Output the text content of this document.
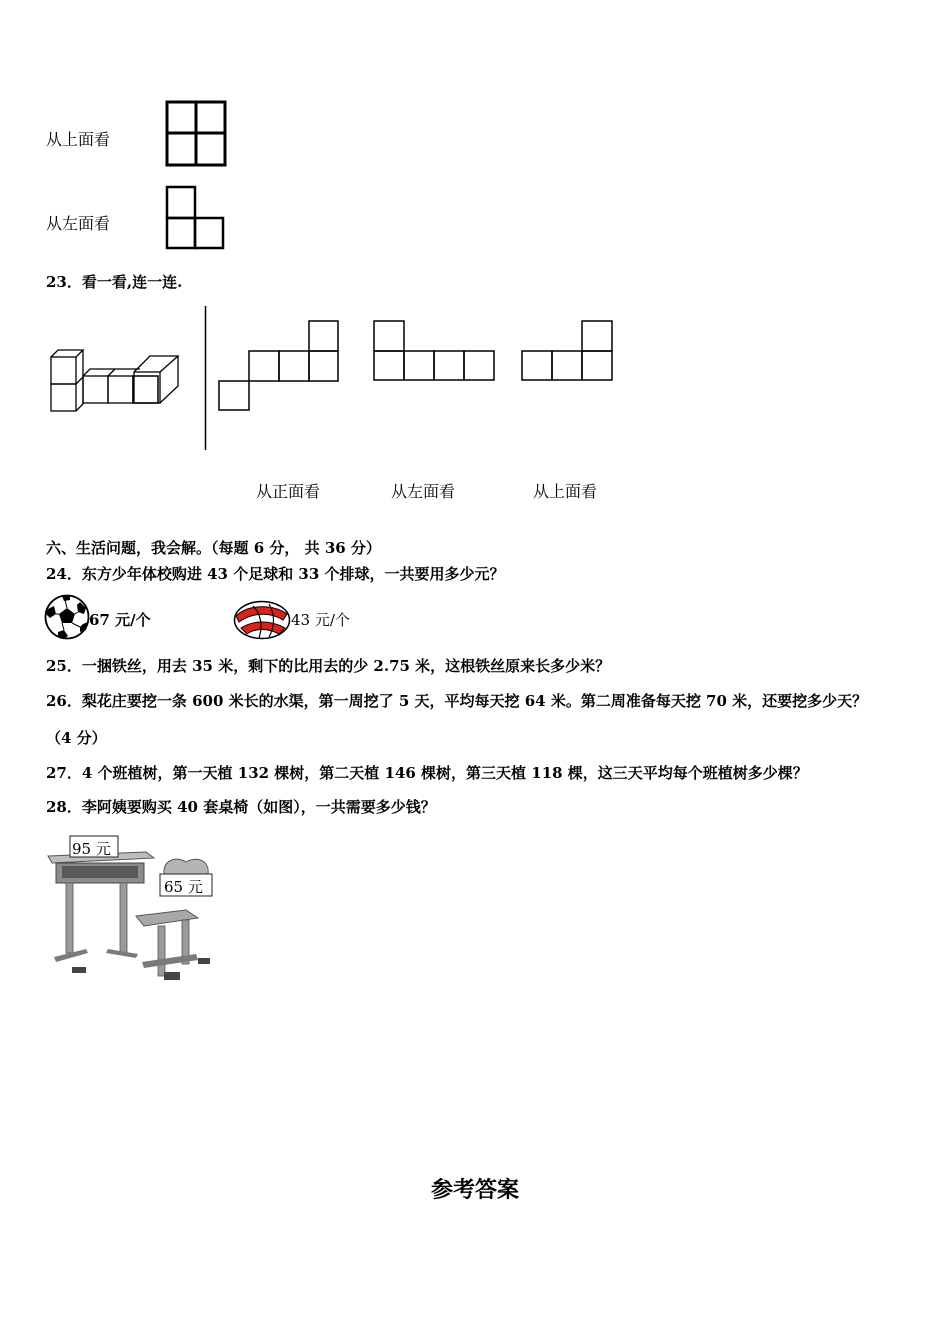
从上面看
从左面看
23．看一看,连一连.
从正面看	从左面看	从上面看
六、生活问题，我会解。（每题 6 分， 共 36 分）
24．东方少年体校购进 43 个足球和 33 个排球，一共要用多少元？
67 元/个	43 元/个
25．一捆铁丝，用去 35 米，剩下的比用去的少 2.75 米，这根铁丝原来长多少米？
26．梨花庄要挖一条 600 米长的水渠，第一周挖了 5 天，平均每天挖 64 米。第二周准备每天挖 70 米，还要挖多少天？
（4 分）
27．4 个班植树，第一天植 132 棵树，第二天植 146 棵树，第三天植 118 棵，这三天平均每个班植树多少棵？
28．李阿姨要购买 40 套桌椅（如图），一共需要多少钱？
95 元
65 元
参考答案
